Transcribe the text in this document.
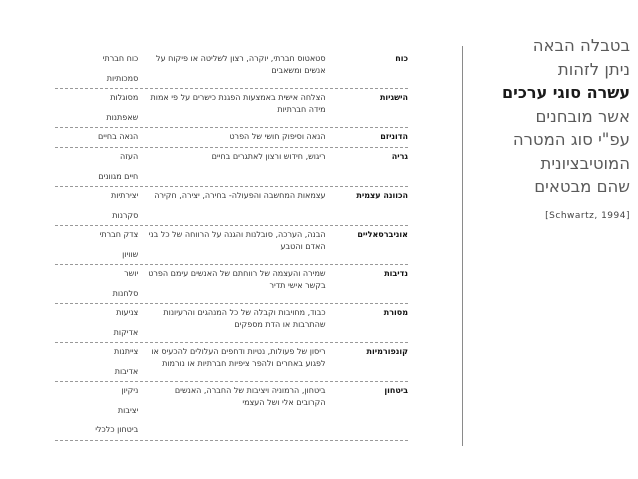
כוח
סטאטוס חברתי, יוקרה, רצון לשליטה או פיקוח על אנשים ומשאבים
כוח חברתי
סמכותיות
הישגיות
הצלחה אישית באמצעות הפגנת כישרים על פי אמות מידה חברתיות
מסוגלות
שאפתנות
הדוניזם
הנאה וסיפוק חושי של הפרט
הנאה בחיים
גריה
ריגוש, חידוש ורצון לאתגרים בחיים
העזה
חיים מגוונים
הכוונה עצמית
עצמאות המחשבה והפעולה- בחירה, יצירה, חקירה
יצירתיות
סקרנות
אוניברסאליים
הבנה, הערכה, סובלנות והגנה על הרווחה של כל בני האדם והטבע
צדק חברתי
שוויון
נדיבות
שמירה והעצמה של רווחתם של האנשים עימם הפרט בקשר אישי תדיר
יושר
סלחנות
מסורת
כבוד, מחויבות וקבלה של כל המנהגים והרעיונות שהתרבות או הדת מספקים
צניעות
אדיקות
קונפורמיות
ריסון של פעולות, נטיות ודחפים העלולים להכעיס או לפגוע באחרים ולהפר ציפיות חברתיות או נורמות
צייתנות
אדיבות
ביטחון
ביטחון, הרמוניה ויציבות של החברה, האנשים הקרובים אלי ושל העצמי
ניקיון
יציבות
ביטחון כלכלי
בטבלה הבאה
ניתן לזהות
עשרה סוגי ערכים
אשר מובחנים
עפ"י סוג המטרה
המוטיבציונית
שהם מבטאים
[Schwartz, 1994]
